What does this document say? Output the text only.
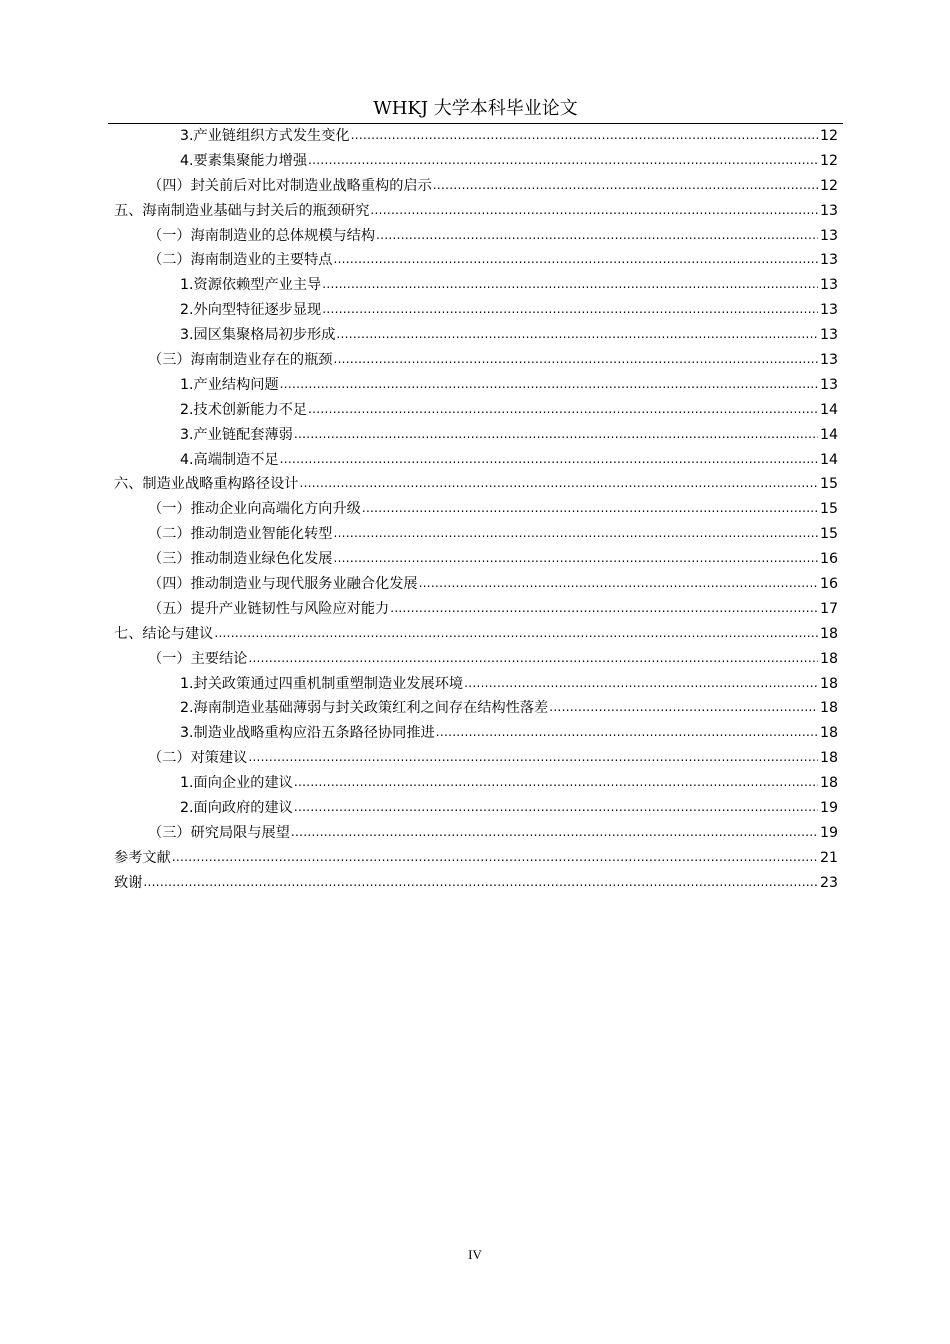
WHKJ 大学本科毕业论文
3.产业链组织方式发生变化 .....	12
4.要素集聚能力增强 .....	12
（四）封关前后对比对制造业战略重构的启示 .....	12
五、海南制造业基础与封关后的瓶颈研究 .....	13
（一）海南制造业的总体规模与结构 .....	13
（二）海南制造业的主要特点 .....	13
1.资源依赖型产业主导 .....	13
2.外向型特征逐步显现 .....	13
3.园区集聚格局初步形成 .....	13
（三）海南制造业存在的瓶颈 .....	13
1.产业结构问题 .....	13
2.技术创新能力不足 .....	14
3.产业链配套薄弱 .....	14
4.高端制造不足 .....	14
六、制造业战略重构路径设计 .....	15
（一）推动企业向高端化方向升级 .....	15
（二）推动制造业智能化转型 .....	15
（三）推动制造业绿色化发展 .....	16
（四）推动制造业与现代服务业融合化发展 .....	16
（五）提升产业链韧性与风险应对能力 .....	17
七、结论与建议 .....	18
（一）主要结论 .....	18
1.封关政策通过四重机制重塑制造业发展环境 .....	18
2.海南制造业基础薄弱与封关政策红利之间存在结构性落差 .....	18
3.制造业战略重构应沿五条路径协同推进 .....	18
（二）对策建议 .....	18
1.面向企业的建议 .....	18
2.面向政府的建议 .....	19
（三）研究局限与展望 .....	19
参考文献 .....	21
致谢 .....	23
IV
